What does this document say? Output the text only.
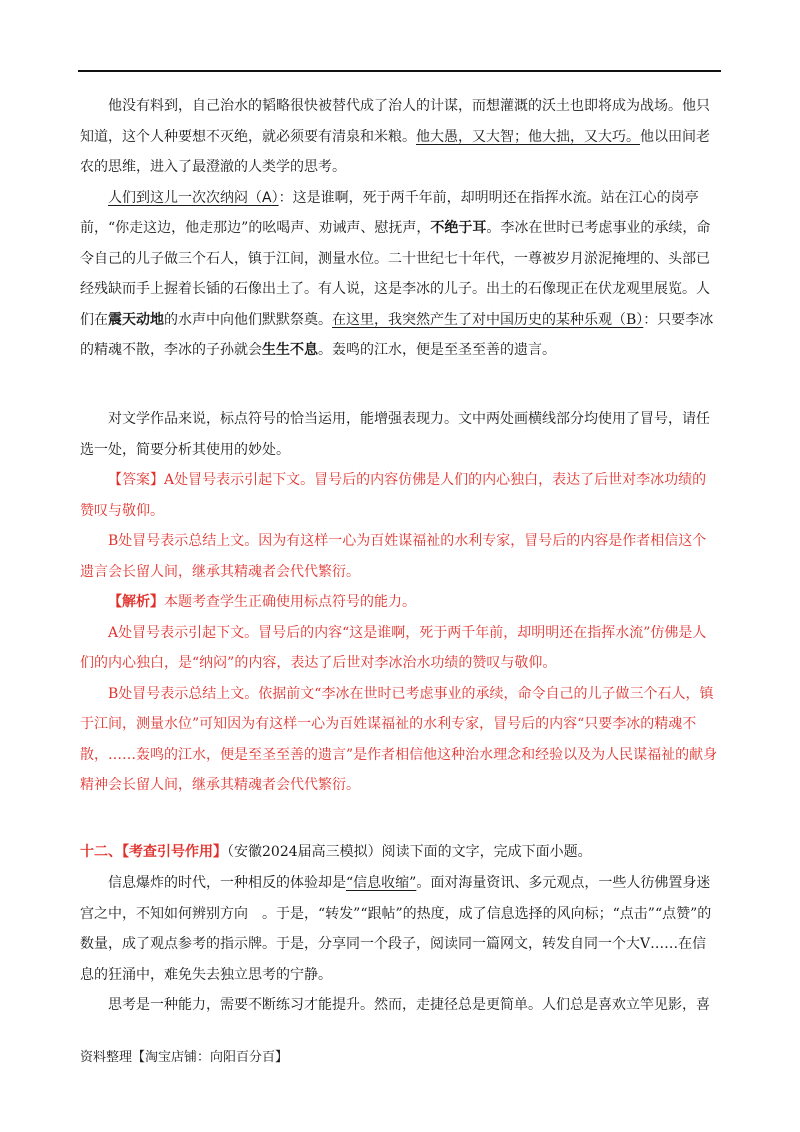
他没有料到，自己治水的韬略很快被替代成了治人的计谋，而想灌溉的沃土也即将成为战场。他只知道，这个人种要想不灭绝，就必须要有清泉和米粮。他大愚，又大智；他大拙，又大巧。他以田间老农的思维，进入了最澄澈的人类学的思考。

人们到这儿一次次纳闷（A）：这是谁啊，死于两千年前，却明明还在指挥水流。站在江心的岗亭前，“你走这边，他走那边”的吆喝声、劝诫声、慰抚声，不绝于耳。李冰在世时已考虑事业的承续，命令自己的儿子做三个石人，镇于江间，测量水位。二十世纪七十年代，一尊被岁月淤泥掩埋的、头部已经残缺而手上握着长锸的石像出土了。有人说，这是李冰的儿子。出土的石像现正在伏龙观里展览。人们在震天动地的水声中向他们默默祭奠。在这里，我突然产生了对中国历史的某种乐观（B）：只要李冰的精魂不散，李冰的子孙就会生生不息。轰鸣的江水，便是至圣至善的遗言。

对文学作品来说，标点符号的恰当运用，能增强表现力。文中两处画横线部分均使用了冒号，请任选一处，简要分析其使用的妙处。

【答案】A处冒号表示引起下文。冒号后的内容仿佛是人们的内心独白，表达了后世对李冰功绩的赞叹与敬仰。

B处冒号表示总结上文。因为有这样一心为百姓谋福祉的水利专家，冒号后的内容是作者相信这个遗言会长留人间，继承其精魂者会代代繁衍。

【解析】本题考查学生正确使用标点符号的能力。

A处冒号表示引起下文。冒号后的内容“这是谁啊，死于两千年前，却明明还在指挥水流”仿佛是人们的内心独白，是“纳闷”的内容，表达了后世对李冰治水功绩的赞叹与敬仰。

B处冒号表示总结上文。依据前文“李冰在世时已考虑事业的承续，命令自己的儿子做三个石人，镇于江间，测量水位”可知因为有这样一心为百姓谋福祉的水利专家，冒号后的内容“只要李冰的精魂不散，……轰鸣的江水，便是至圣至善的遗言”是作者相信他这种治水理念和经验以及为人民谋福祉的献身精神会长留人间，继承其精魂者会代代繁衍。

十二、【考查引号作用】（安徽2024届高三模拟）阅读下面的文字，完成下面小题。

信息爆炸的时代，一种相反的体验却是“信息收缩”。面对海量资讯、多元观点，一些人彷佛置身迷宫之中，不知如何辨别方向　。于是，“转发”“跟帖”的热度，成了信息选择的风向标；“点击”“点赞”的数量，成了观点参考的指示牌。于是，分享同一个段子，阅读同一篇网文，转发自同一个大V……在信息的狂涌中，难免失去独立思考的宁静。

思考是一种能力，需要不断练习才能提升。然而，走捷径总是更简单。人们总是喜欢立竿见影，喜

资料整理【淘宝店铺：向阳百分百】
